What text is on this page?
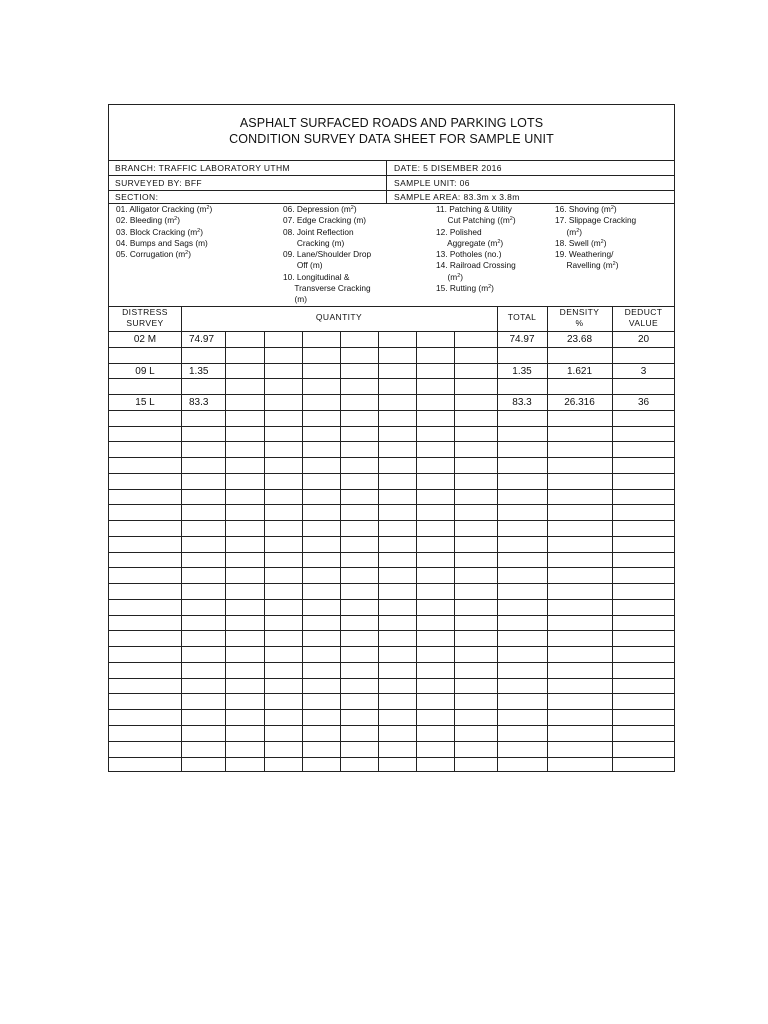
ASPHALT SURFACED ROADS AND PARKING LOTS
CONDITION SURVEY DATA SHEET FOR SAMPLE UNIT
BRANCH: TRAFFIC LABORATORY UTHM	DATE: 5 DISEMBER 2016
SURVEYED BY: BFF	SAMPLE UNIT: 06
SECTION:	SAMPLE AREA: 83.3m x 3.8m
01. Alligator Cracking $(m^2)$
02. Bleeding $(m^2)$
03. Block Cracking $(m^2)$
04. Bumps and Sags (m)
05. Corrugation $(m^2)$
06. Depression $(m^2)$
07. Edge Cracking (m)
08. Joint Reflection
Cracking (m)
09. Lane/Shoulder Drop
Off (m)
10. Longitudinal &
Transverse Cracking
(m)
11. Patching & Utility
Cut Patching ($(m^2)$
12. Polished
Aggregate $(m^2)$
13. Potholes (no.)
14. Railroad Crossing
$(m^2)$
15. Rutting $(m^2)$
16. Shoving $(m^2)$
17. Slippage Cracking
$(m^2)$
18. Swell $(m^2)$
19. Weathering/
Ravelling $(m^2)$
DISTRESS
SURVEY
QUANTITY	TOTAL	DENSITY
%
DEDUCT
VALUE
02 M	74.97	74.97	23.68	20
09 L	1.35	1.35	1.621	3
15 L	83.3	83.3	26.316	36
